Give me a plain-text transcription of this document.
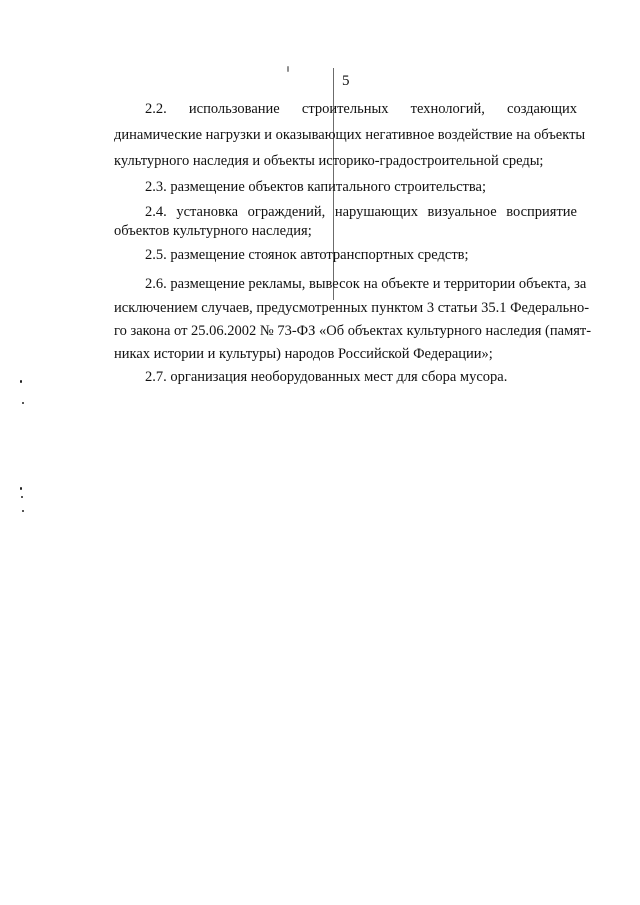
5
2.2. использование строительных технологий, создающих
динамические нагрузки и оказывающих негативное воздействие на объекты
культурного наследия и объекты историко-градостроительной среды;
2.3. размещение объектов капитального строительства;
2.4. установка ограждений, нарушающих визуальное восприятие
объектов культурного наследия;
2.5. размещение стоянок автотранспортных средств;
2.6. размещение рекламы, вывесок на объекте и территории объекта, за
исключением случаев, предусмотренных пунктом 3 статьи 35.1 Федерально-
го закона от 25.06.2002 № 73-ФЗ «Об объектах культурного наследия (памят-
никах истории и культуры) народов Российской Федерации»;
2.7. организация необорудованных мест для сбора мусора.
